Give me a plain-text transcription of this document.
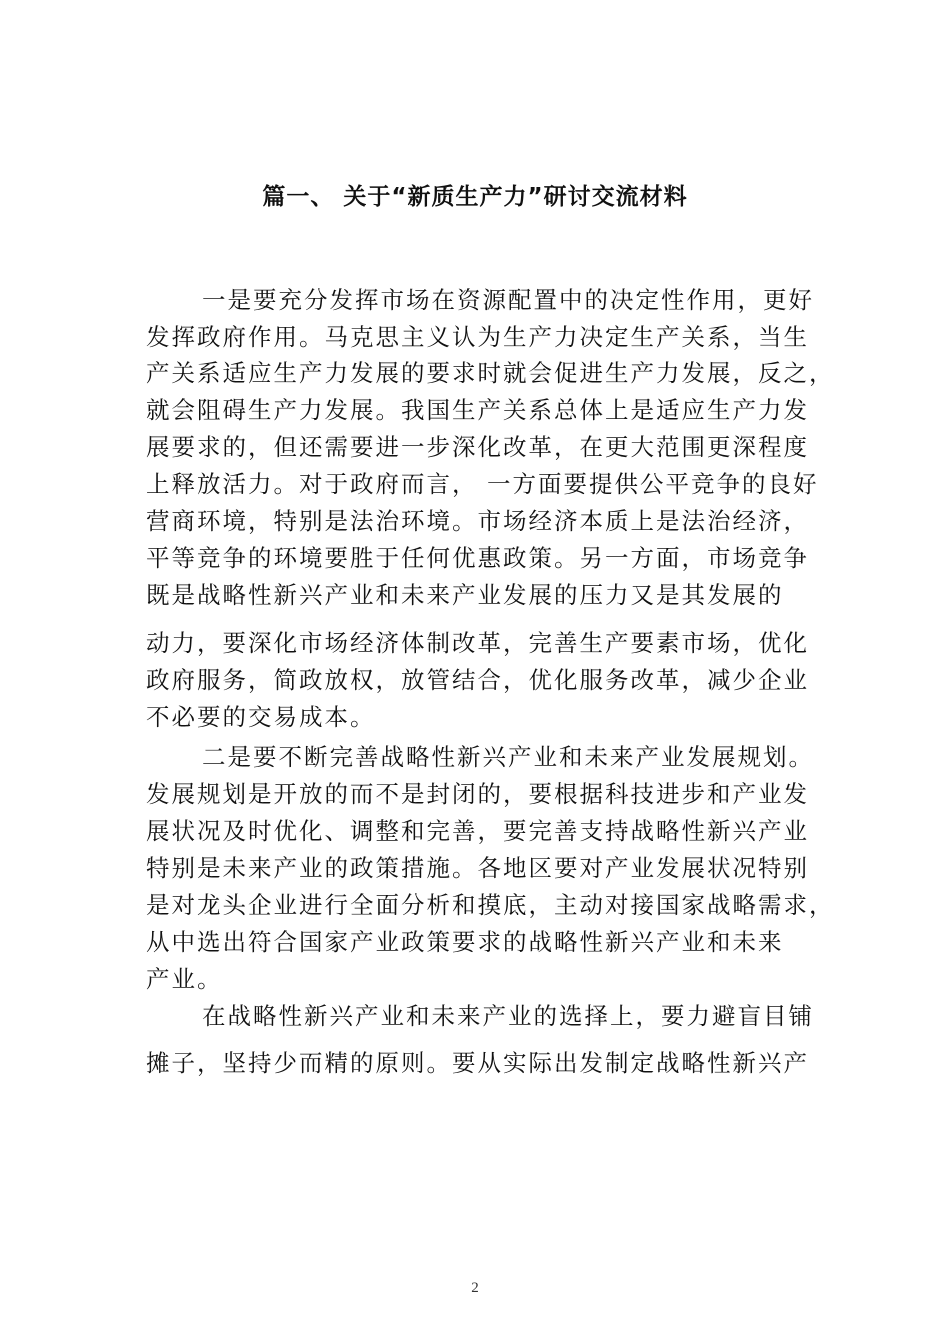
篇一、 关于“新质生产力”研讨交流材料
一是要充分发挥市场在资源配置中的决定性作用，更好
发挥政府作用。马克思主义认为生产力决定生产关系，当生
产关系适应生产力发展的要求时就会促进生产力发展，反之，
就会阻碍生产力发展。我国生产关系总体上是适应生产力发
展要求的，但还需要进一步深化改革，在更大范围更深程度
上释放活力。对于政府而言， 一方面要提供公平竞争的良好
营商环境，特别是法治环境。市场经济本质上是法治经济，
平等竞争的环境要胜于任何优惠政策。另一方面，市场竞争
既是战略性新兴产业和未来产业发展的压力又是其发展的
动力，要深化市场经济体制改革，完善生产要素市场，优化
政府服务，简政放权，放管结合，优化服务改革，减少企业
不必要的交易成本。
二是要不断完善战略性新兴产业和未来产业发展规划。
发展规划是开放的而不是封闭的，要根据科技进步和产业发
展状况及时优化、调整和完善，要完善支持战略性新兴产业
特别是未来产业的政策措施。各地区要对产业发展状况特别
是对龙头企业进行全面分析和摸底，主动对接国家战略需求，
从中选出符合国家产业政策要求的战略性新兴产业和未来
产业。
在战略性新兴产业和未来产业的选择上，要力避盲目铺
摊子，坚持少而精的原则。要从实际出发制定战略性新兴产
2
